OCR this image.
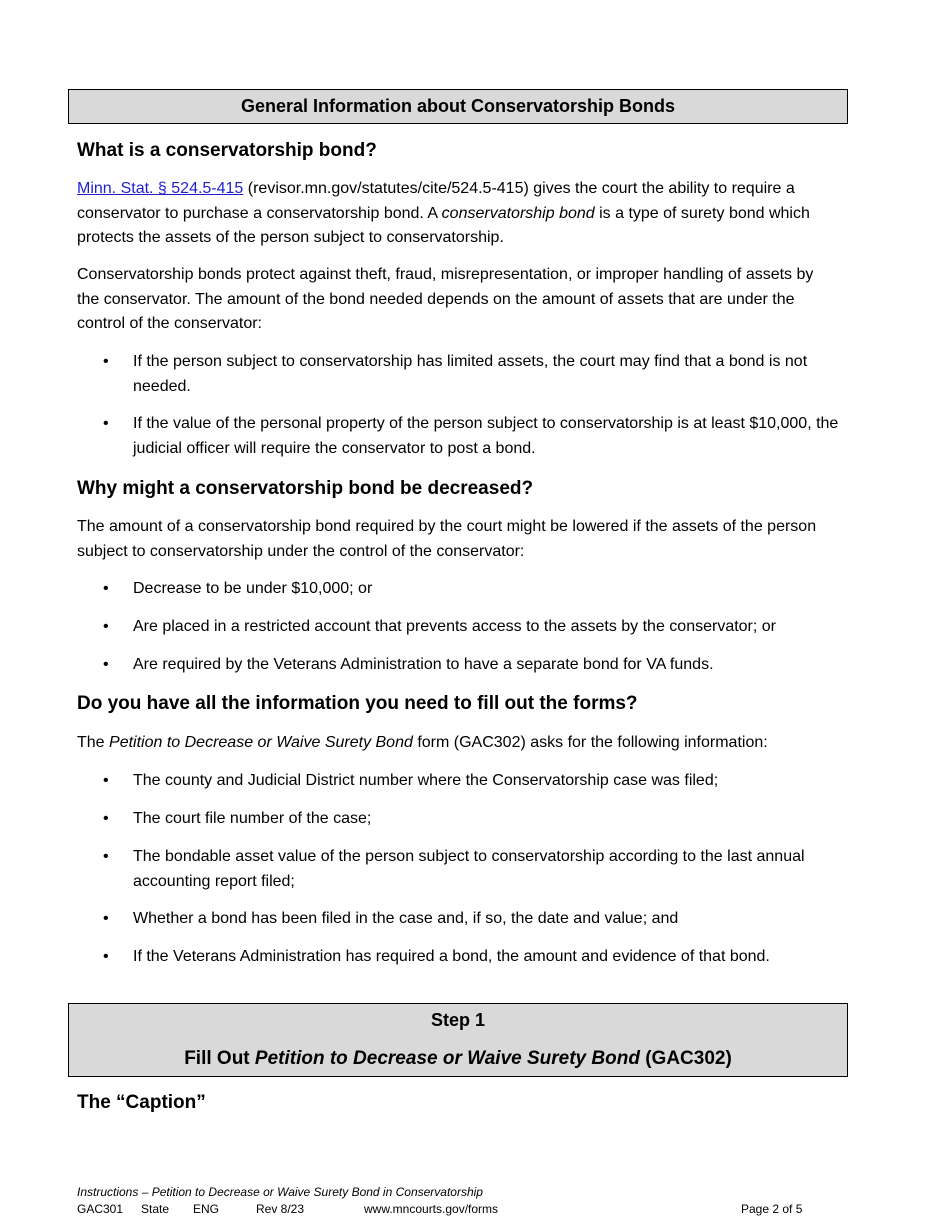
General Information about Conservatorship Bonds
What is a conservatorship bond?

Minn. Stat. § 524.5-415 (revisor.mn.gov/statutes/cite/524.5-415) gives the court the ability to require a conservator to purchase a conservatorship bond. A conservatorship bond is a type of surety bond which protects the assets of the person subject to conservatorship.

Conservatorship bonds protect against theft, fraud, misrepresentation, or improper handling of assets by the conservator. The amount of the bond needed depends on the amount of assets that are under the control of the conservator:

• If the person subject to conservatorship has limited assets, the court may find that a bond is not needed.

• If the value of the personal property of the person subject to conservatorship is at least $10,000, the judicial officer will require the conservator to post a bond.

Why might a conservatorship bond be decreased?

The amount of a conservatorship bond required by the court might be lowered if the assets of the person subject to conservatorship under the control of the conservator:

• Decrease to be under $10,000; or

• Are placed in a restricted account that prevents access to the assets by the conservator; or

• Are required by the Veterans Administration to have a separate bond for VA funds.

Do you have all the information you need to fill out the forms?

The Petition to Decrease or Waive Surety Bond form (GAC302) asks for the following information:

• The county and Judicial District number where the Conservatorship case was filed;

• The court file number of the case;

• The bondable asset value of the person subject to conservatorship according to the last annual accounting report filed;

• Whether a bond has been filed in the case and, if so, the date and value; and

• If the Veterans Administration has required a bond, the amount and evidence of that bond.

Step 1
Fill Out Petition to Decrease or Waive Surety Bond (GAC302)
The “Caption”
Instructions – Petition to Decrease or Waive Surety Bond in Conservatorship
GAC301 State ENG	Rev 8/23	www.mncourts.gov/forms	Page 2 of 5
